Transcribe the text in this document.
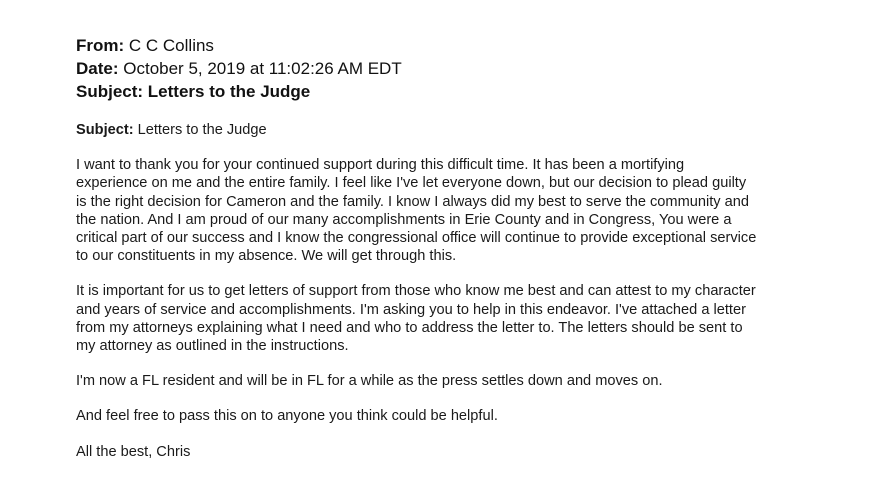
From: C C Collins
Date: October 5, 2019 at 11:02:26 AM EDT
Subject: Letters to the Judge

Subject: Letters to the Judge

I want to thank you for your continued support during this difficult time. It has been a mortifying
experience on me and the entire family. I feel like I've let everyone down, but our decision to plead guilty
is the right decision for Cameron and the family. I know I always did my best to serve the community and
the nation. And I am proud of our many accomplishments in Erie County and in Congress, You were a
critical part of our success and I know the congressional office will continue to provide exceptional service
to our constituents in my absence. We will get through this.

It is important for us to get letters of support from those who know me best and can attest to my character
and years of service and accomplishments. I'm asking you to help in this endeavor. I've attached a letter
from my attorneys explaining what I need and who to address the letter to. The letters should be sent to
my attorney as outlined in the instructions.

I'm now a FL resident and will be in FL for a while as the press settles down and moves on.

And feel free to pass this on to anyone you think could be helpful.

All the best, Chris
